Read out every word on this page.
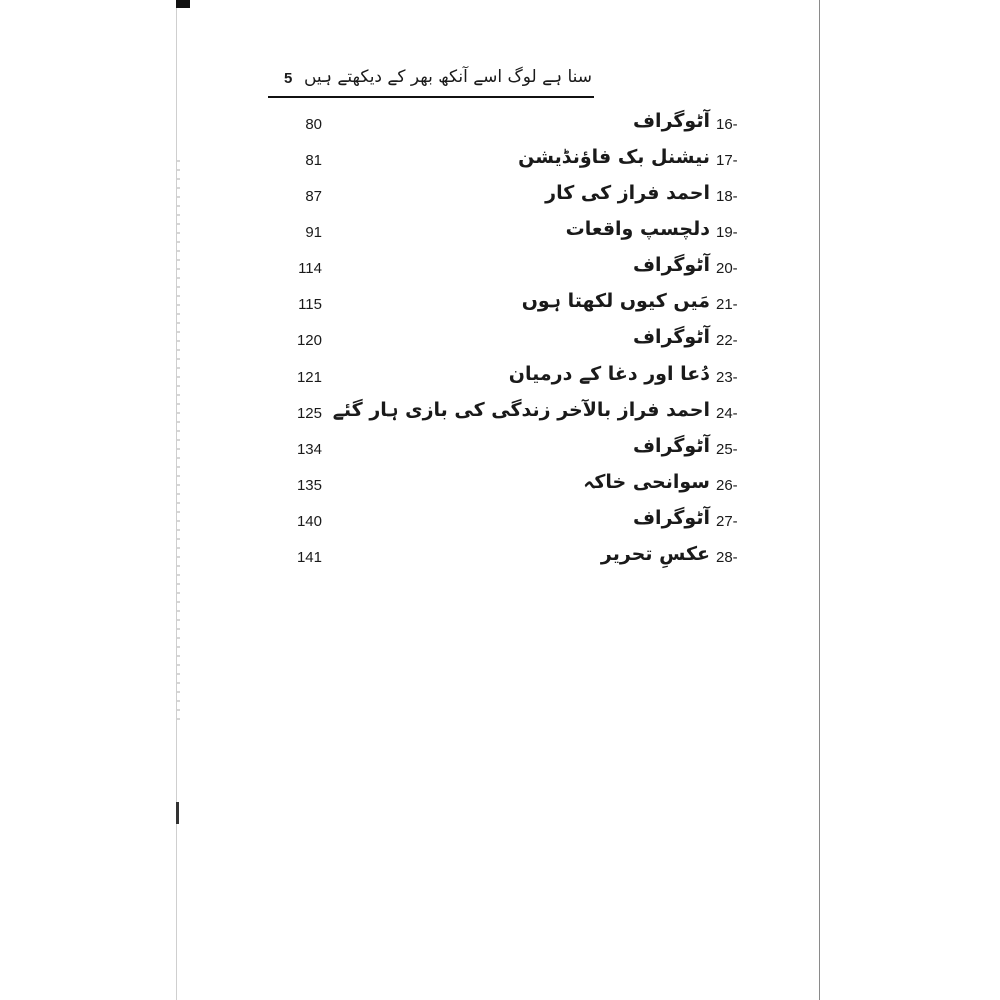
5 سنا ہے لوگ اسے آنکھ بھر کے دیکھتے ہیں
80	آٹوگراف 16-
81	نیشنل بک فاؤنڈیشن 17-
87	احمد فراز کی کار 18-
91	دلچسپ واقعات 19-
114	آٹوگراف 20-
115	مَیں کیوں لکھتا ہوں 21-
120	آٹوگراف 22-
121	دُعا اور دغا کے درمیان 23-
125 احمد فراز بالآخر زندگی کی بازی ہار گئے 24-
134	آٹوگراف 25-
135	سوانحی خاکہ 26-
140	آٹوگراف 27-
141	عکسِ تحریر 28-
